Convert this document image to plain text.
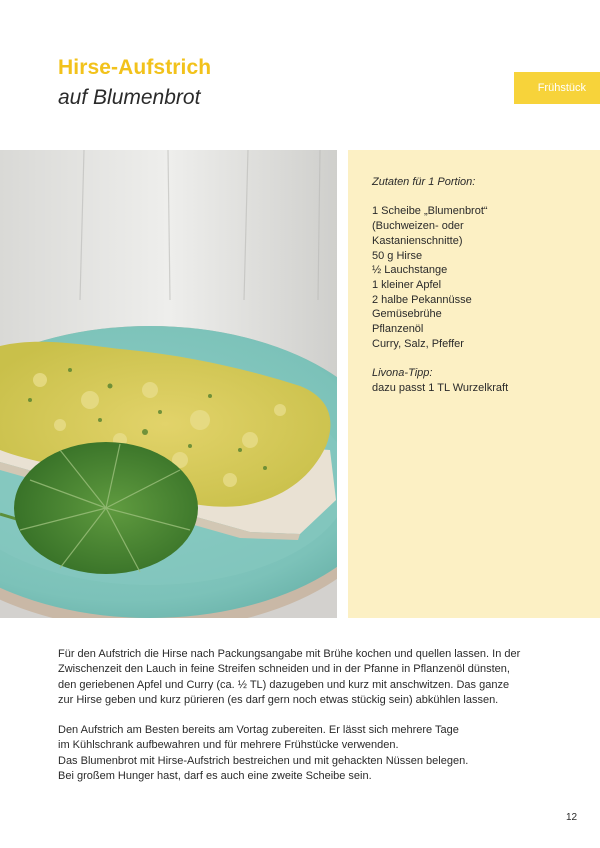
Hirse-Aufstrich
auf Blumenbrot	Frühstück
Zutaten für 1 Portion:
1 Scheibe „Blumenbrot“
(Buchweizen- oder
Kastanienschnitte)
50 g Hirse
½ Lauchstange
1 kleiner Apfel
2 halbe Pekannüsse
Gemüsebrühe
Pflanzenöl
Curry, Salz, Pfeffer
Livona-Tipp:
dazu passt 1 TL Wurzelkraft

Für den Aufstrich die Hirse nach Packungsangabe mit Brühe kochen und quellen lassen. In der

Zwischenzeit den Lauch in feine Streifen schneiden und in der Pfanne in Pflanzenöl dünsten,

den geriebenen Apfel und Curry (ca. ½ TL) dazugeben und kurz mit anschwitzen. Das ganze

zur Hirse geben und kurz pürieren (es darf gern noch etwas stückig sein) abkühlen lassen.

Den Aufstrich am Besten bereits am Vortag zubereiten. Er lässt sich mehrere Tage

im Kühlschrank aufbewahren und für mehrere Frühstücke verwenden.

Das Blumenbrot mit Hirse-Aufstrich bestreichen und mit gehackten Nüssen belegen.

Bei großem Hunger hast, darf es auch eine zweite Scheibe sein.

12
